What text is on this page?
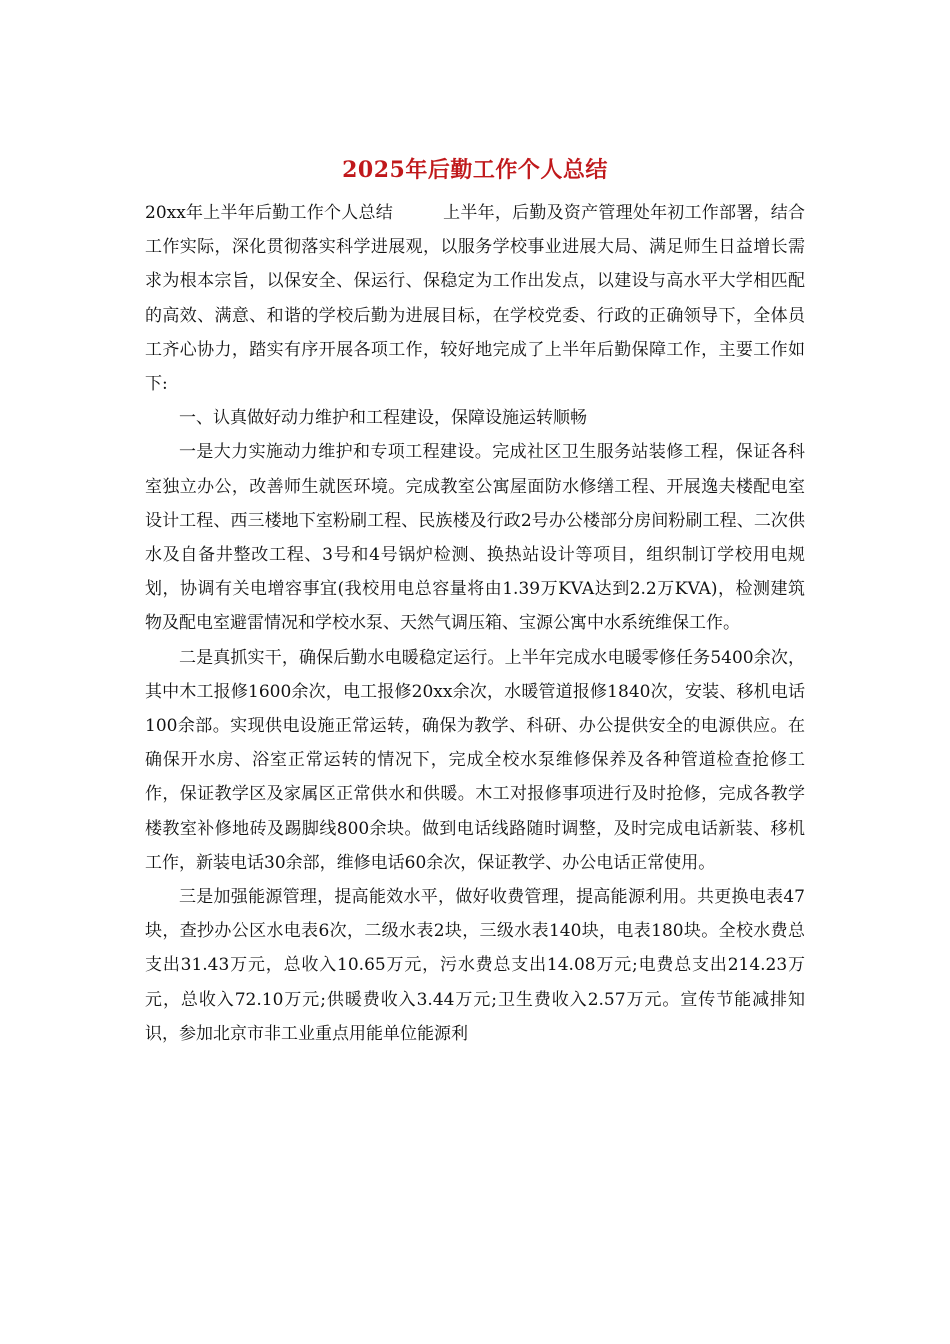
2025年后勤工作个人总结

20xx年上半年后勤工作个人总结	上半年，后勤及资产管理处年初工作部署，结合工作实际，深化贯彻落实科学进展观，以服务学校事业进展大局、满足师生日益增长需求为根本宗旨，以保安全、保运行、保稳定为工作出发点，以建设与高水平大学相匹配的高效、满意、和谐的学校后勤为进展目标，在学校党委、行政的正确领导下，全体员工齐心协力，踏实有序开展各项工作，较好地完成了上半年后勤保障工作，主要工作如下:

一、认真做好动力维护和工程建设，保障设施运转顺畅

一是大力实施动力维护和专项工程建设。完成社区卫生服务站装修工程，保证各科室独立办公，改善师生就医环境。完成教室公寓屋面防水修缮工程、开展逸夫楼配电室设计工程、西三楼地下室粉刷工程、民族楼及行政2号办公楼部分房间粉刷工程、二次供水及自备井整改工程、3号和4号锅炉检测、换热站设计等项目，组织制订学校用电规划，协调有关电增容事宜(我校用电总容量将由1.39万KVA达到2.2万KVA)，检测建筑物及配电室避雷情况和学校水泵、天然气调压箱、宝源公寓中水系统维保工作。

二是真抓实干，确保后勤水电暖稳定运行。上半年完成水电暖零修任务5400余次，其中木工报修1600余次，电工报修20xx余次，水暖管道报修1840次，安装、移机电话100余部。实现供电设施正常运转，确保为教学、科研、办公提供安全的电源供应。在确保开水房、浴室正常运转的情况下，完成全校水泵维修保养及各种管道检查抢修工作，保证教学区及家属区正常供水和供暖。木工对报修事项进行及时抢修，完成各教学楼教室补修地砖及踢脚线800余块。做到电话线路随时调整，及时完成电话新装、移机工作，新装电话30余部，维修电话60余次，保证教学、办公电话正常使用。

三是加强能源管理，提高能效水平，做好收费管理，提高能源利用。共更换电表47块，查抄办公区水电表6次，二级水表2块，三级水表140块，电表180块。全校水费总支出31.43万元，总收入10.65万元，污水费总支出14.08万元;电费总支出214.23万元，总收入72.10万元;供暖费收入3.44万元;卫生费收入2.57万元。宣传节能减排知识，参加北京市非工业重点用能单位能源利
